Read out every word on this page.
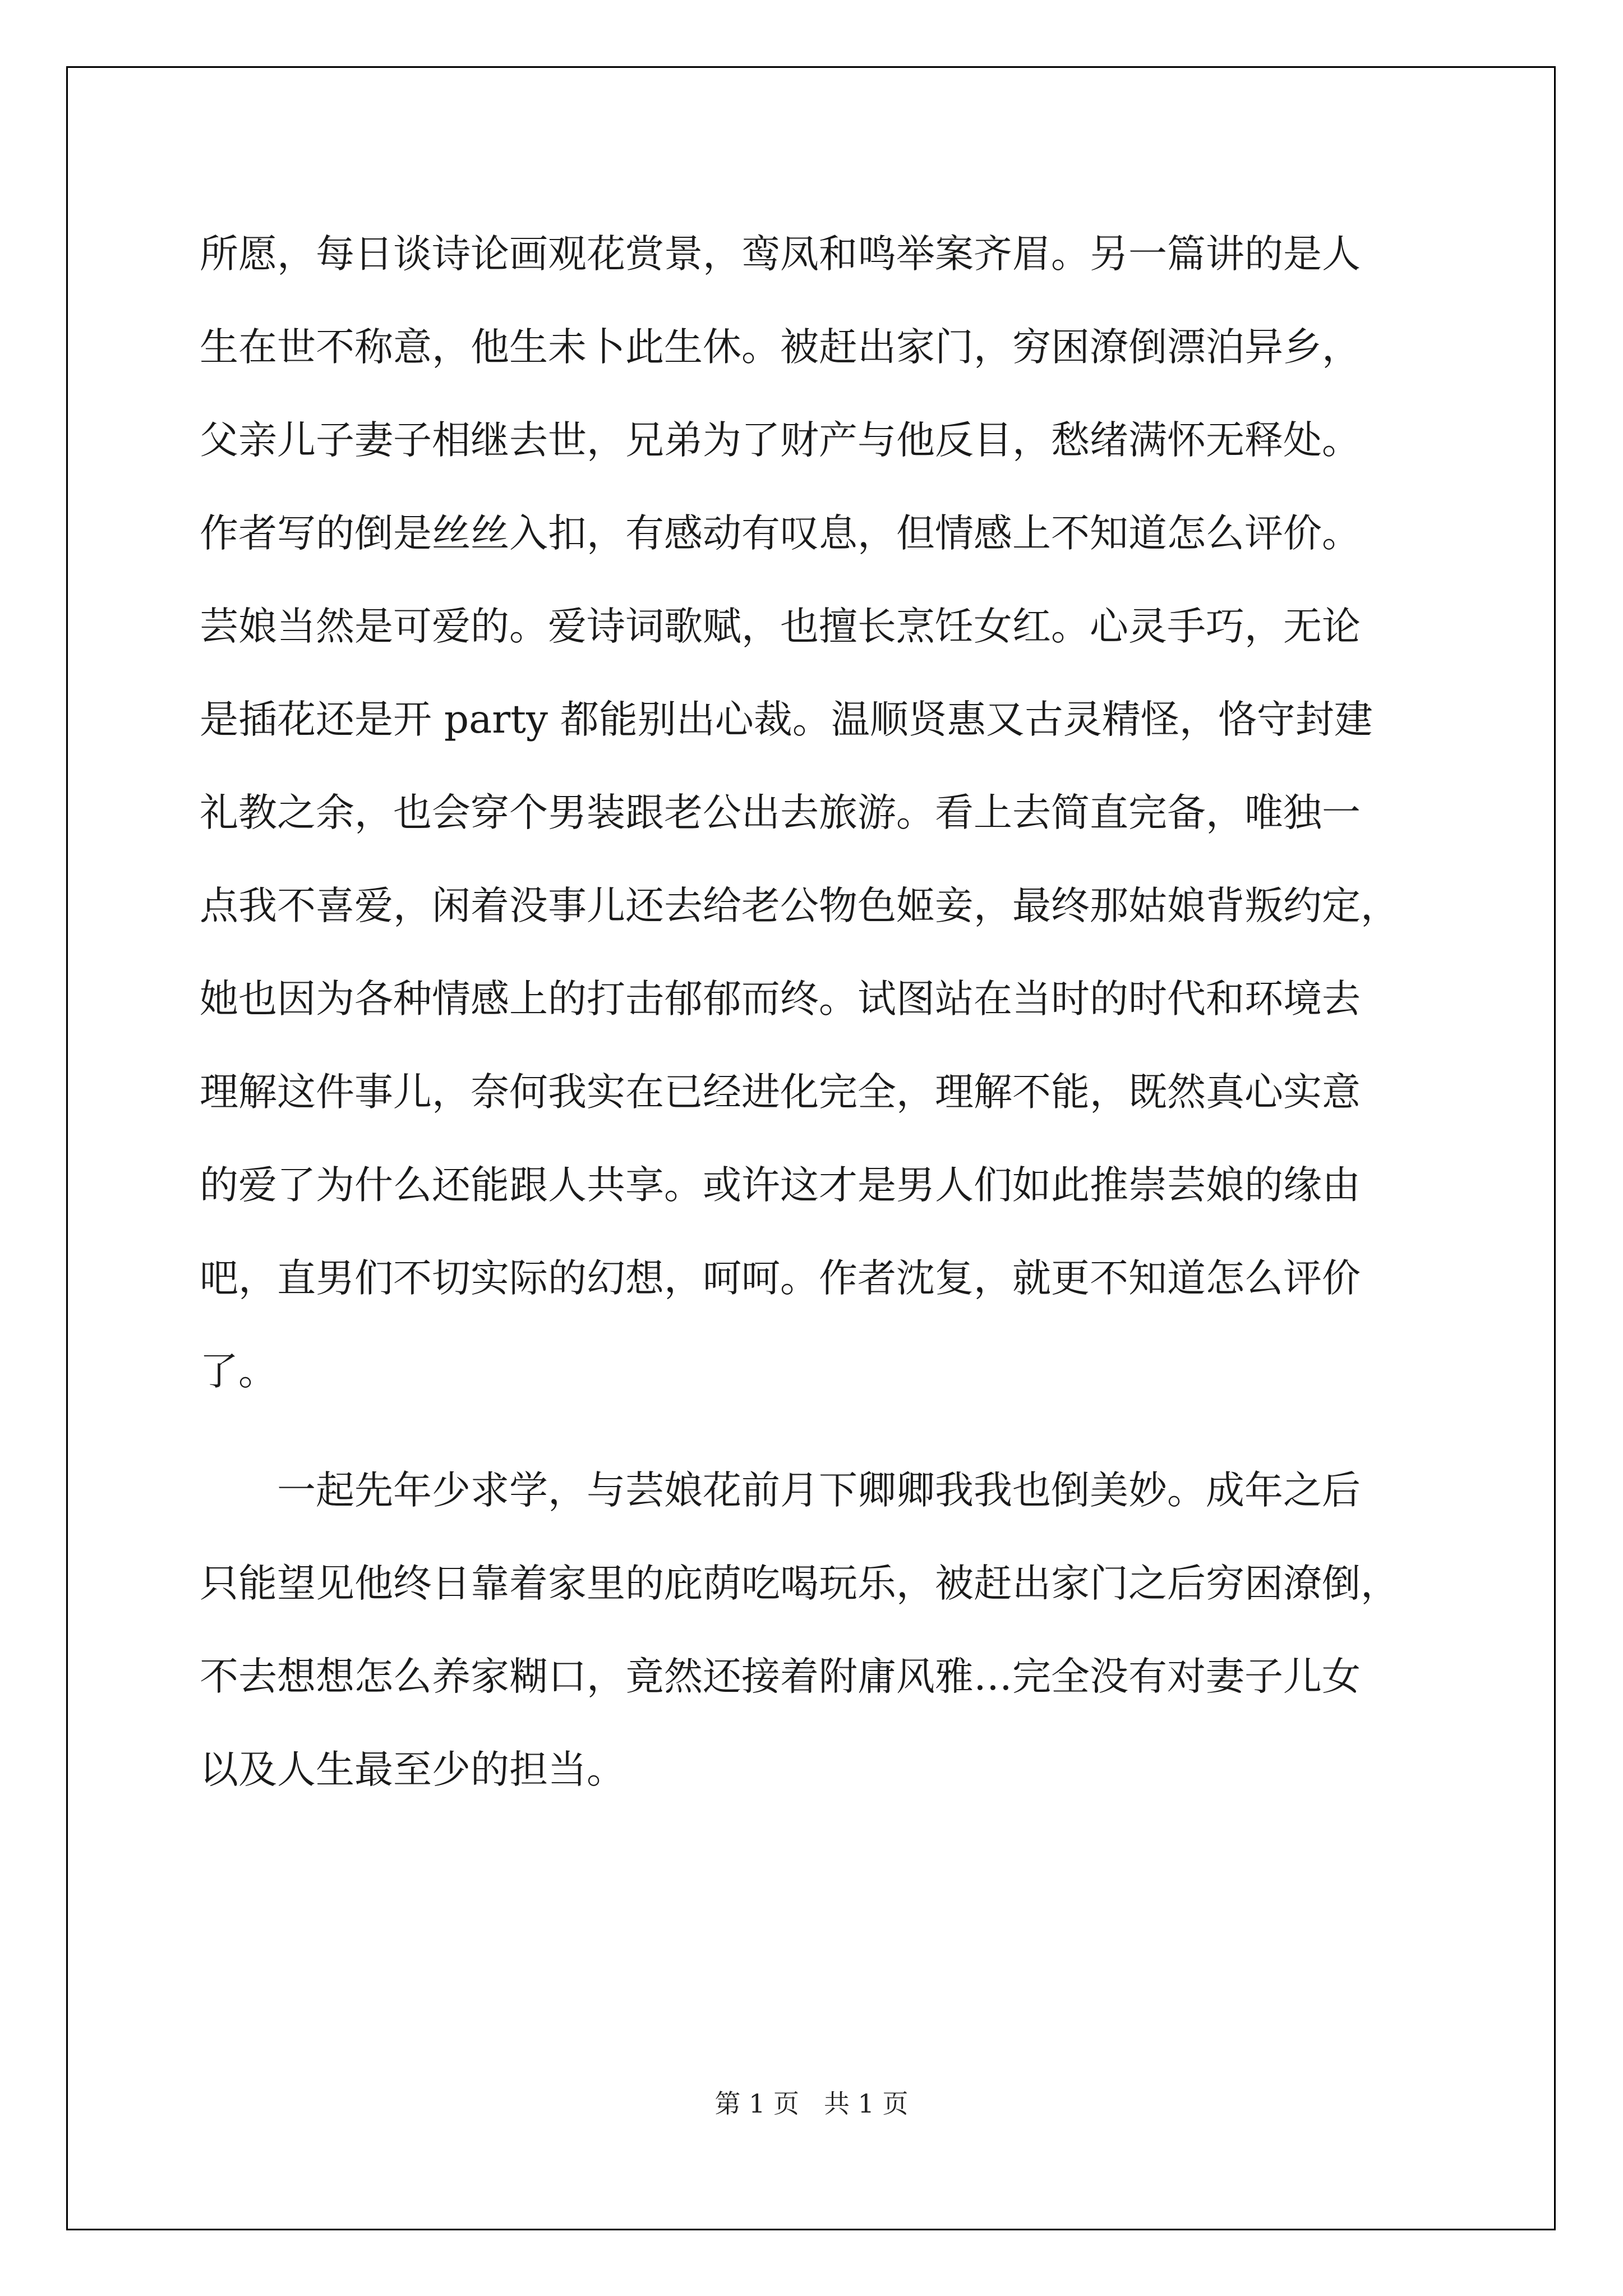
所愿，每日谈诗论画观花赏景，鸾凤和鸣举案齐眉。另一篇讲的是人
生在世不称意，他生未卜此生休。被赶出家门，穷困潦倒漂泊异乡，
父亲儿子妻子相继去世，兄弟为了财产与他反目，愁绪满怀无释处。
作者写的倒是丝丝入扣，有感动有叹息，但情感上不知道怎么评价。
芸娘当然是可爱的。爱诗词歌赋，也擅长烹饪女红。心灵手巧，无论
是插花还是开 party 都能别出心裁。温顺贤惠又古灵精怪，恪守封建
礼教之余，也会穿个男装跟老公出去旅游。看上去简直完备，唯独一
点我不喜爱，闲着没事儿还去给老公物色姬妾，最终那姑娘背叛约定，
她也因为各种情感上的打击郁郁而终。试图站在当时的时代和环境去
理解这件事儿，奈何我实在已经进化完全，理解不能，既然真心实意
的爱了为什么还能跟人共享。或许这才是男人们如此推崇芸娘的缘由
吧，直男们不切实际的幻想，呵呵。作者沈复，就更不知道怎么评价
了。
一起先年少求学，与芸娘花前月下卿卿我我也倒美妙。成年之后
只能望见他终日靠着家里的庇荫吃喝玩乐，被赶出家门之后穷困潦倒，
不去想想怎么养家糊口，竟然还接着附庸风雅…完全没有对妻子儿女
以及人生最至少的担当。
第 1 页 共 1 页
